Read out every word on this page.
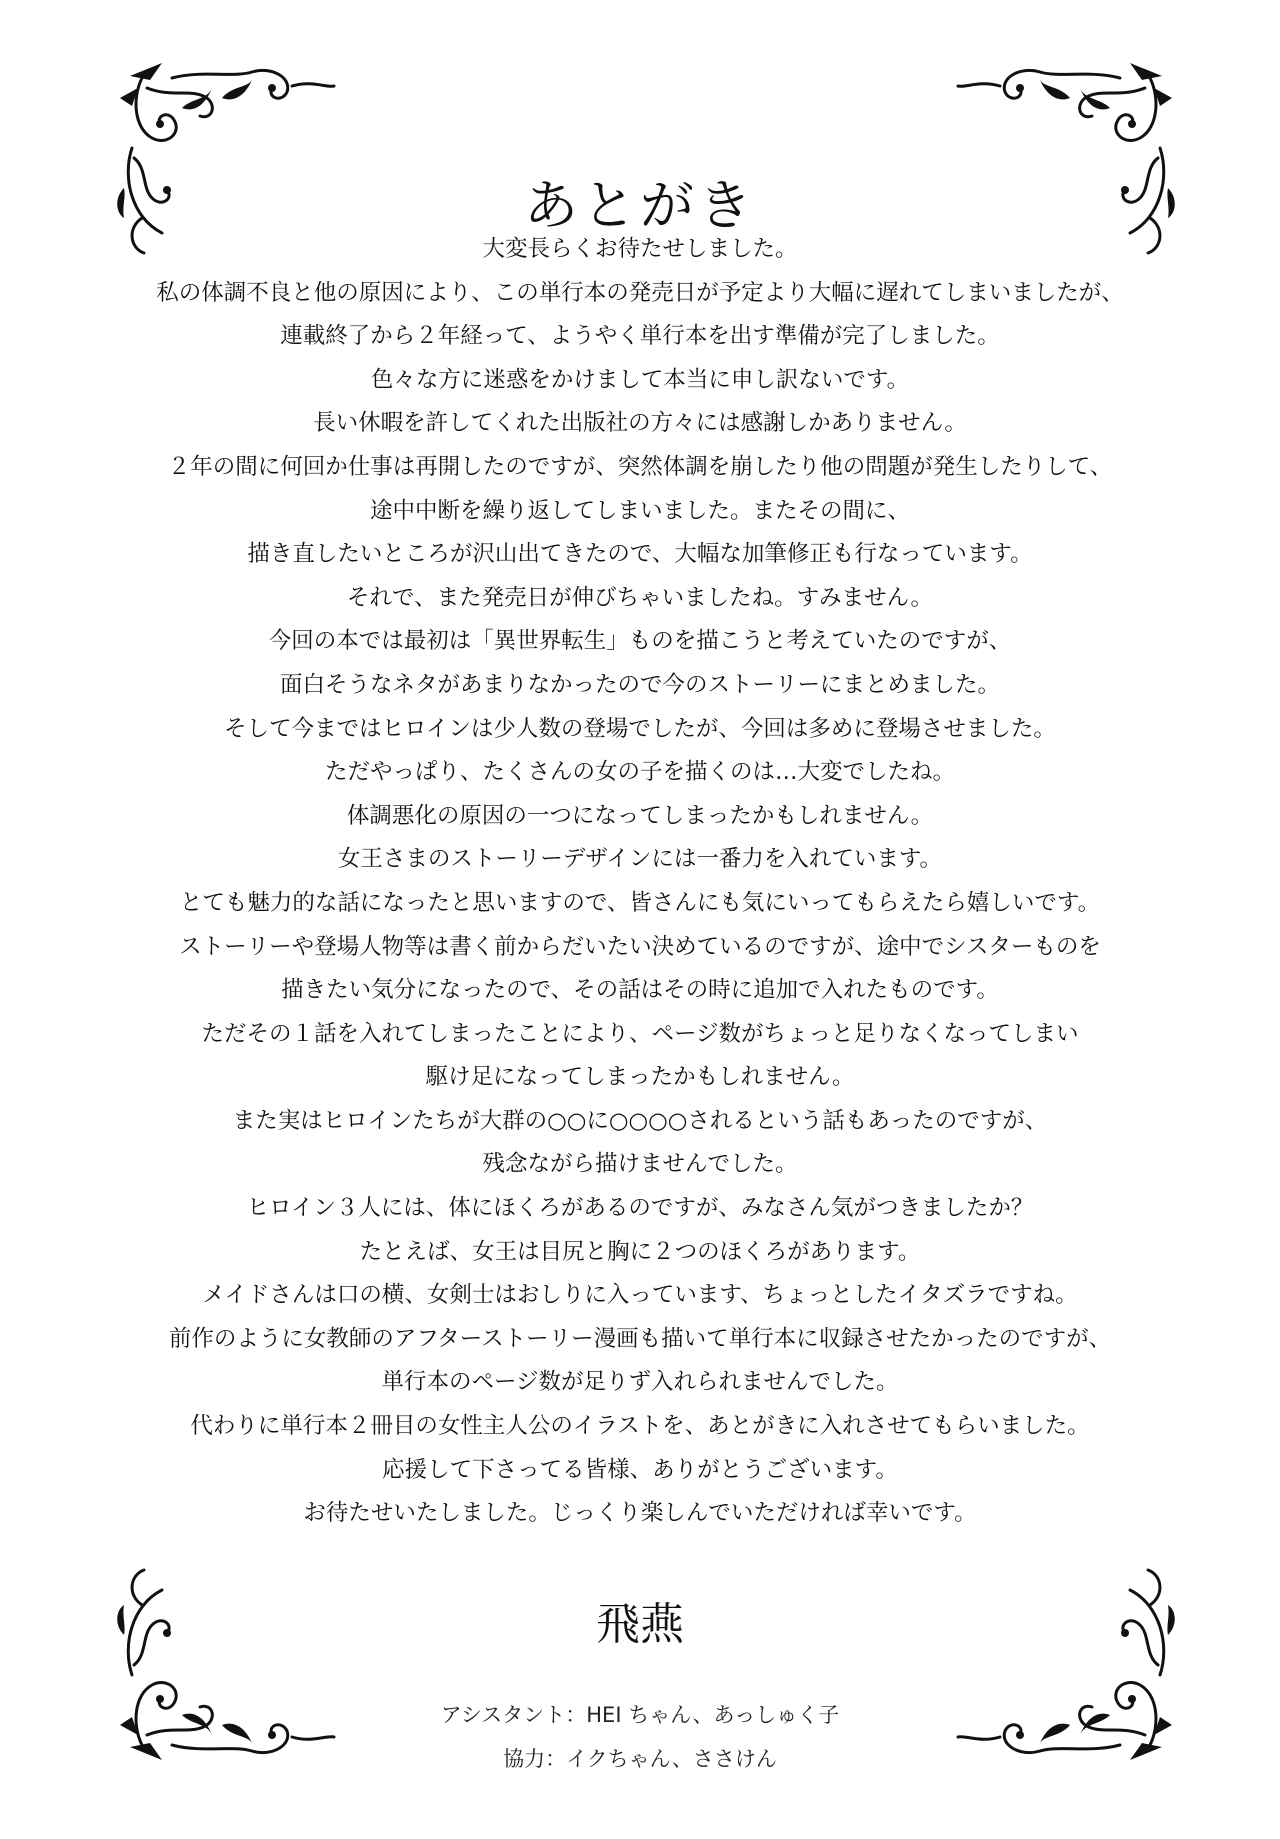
あとがき
大変長らくお待たせしました。
私の体調不良と他の原因により、この単行本の発売日が予定より大幅に遅れてしまいましたが、
連載終了から２年経って、ようやく単行本を出す準備が完了しました。
色々な方に迷惑をかけまして本当に申し訳ないです。
長い休暇を許してくれた出版社の方々には感謝しかありません。
２年の間に何回か仕事は再開したのですが、突然体調を崩したり他の問題が発生したりして、
途中中断を繰り返してしまいました。またその間に、
描き直したいところが沢山出てきたので、大幅な加筆修正も行なっています。
それで、また発売日が伸びちゃいましたね。すみません。
今回の本では最初は「異世界転生」ものを描こうと考えていたのですが、
面白そうなネタがあまりなかったので今のストーリーにまとめました。
そして今まではヒロインは少人数の登場でしたが、今回は多めに登場させました。
ただやっぱり、たくさんの女の子を描くのは…大変でしたね。
体調悪化の原因の一つになってしまったかもしれません。
女王さまのストーリーデザインには一番力を入れています。
とても魅力的な話になったと思いますので、皆さんにも気にいってもらえたら嬉しいです。
ストーリーや登場人物等は書く前からだいたい決めているのですが、途中でシスターものを
描きたい気分になったので、その話はその時に追加で入れたものです。
ただその１話を入れてしまったことにより、ページ数がちょっと足りなくなってしまい
駆け足になってしまったかもしれません。
また実はヒロインたちが大群の○○に○○○○されるという話もあったのですが、
残念ながら描けませんでした。
ヒロイン３人には、体にほくろがあるのですが、みなさん気がつきましたか？
たとえば、女王は目尻と胸に２つのほくろがあります。
メイドさんは口の横、女剣士はおしりに入っています、ちょっとしたイタズラですね。
前作のように女教師のアフターストーリー漫画も描いて単行本に収録させたかったのですが、
単行本のページ数が足りず入れられませんでした。
代わりに単行本２冊目の女性主人公のイラストを、あとがきに入れさせてもらいました。
応援して下さってる皆様、ありがとうございます。
お待たせいたしました。じっくり楽しんでいただければ幸いです。
飛燕
アシスタント：HEI ちゃん、あっしゅく子
協力：イクちゃん、ささけん
